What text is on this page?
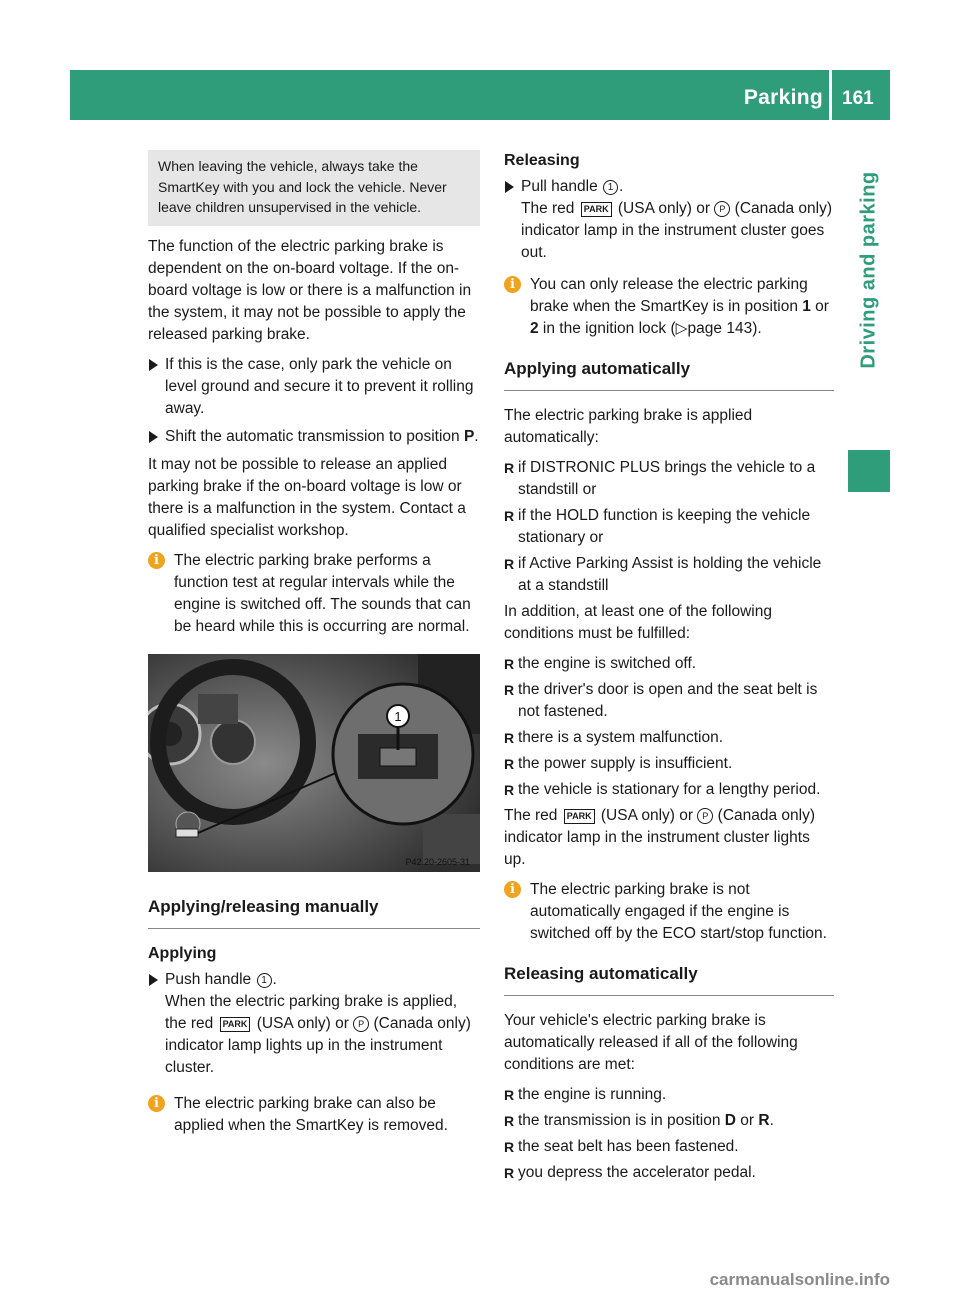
Parking 161
Driving and parking
When leaving the vehicle, always take the SmartKey with you and lock the vehicle. Never leave children unsupervised in the vehicle.

The function of the electric parking brake is dependent on the on-board voltage. If the on-board voltage is low or there is a malfunction in the system, it may not be possible to apply the released parking brake.

If this is the case, only park the vehicle on level ground and secure it to prevent it rolling away.
Shift the automatic transmission to position P.

It may not be possible to release an applied parking brake if the on-board voltage is low or there is a malfunction in the system. Contact a qualified specialist workshop.

i The electric parking brake performs a function test at regular intervals while the engine is switched off. The sounds that can be heard while this is occurring are normal.
1
P42.20-2605-31
Applying/releasing manually
Applying
Push handle 1 .
When the electric parking brake is applied, the red PARK (USA only) or P (Canada only) indicator lamp lights up in the instrument cluster.
i The electric parking brake can also be applied when the SmartKey is removed.
Releasing
Pull handle 1 .
The red PARK (USA only) or P (Canada only) indicator lamp in the instrument cluster goes out.
i You can only release the electric parking brake when the SmartKey is in position 1 or 2 in the ignition lock (▷page 143).
Applying automatically

The electric parking brake is applied automatically:

R if DISTRONIC PLUS brings the vehicle to a standstill or
R if the HOLD function is keeping the vehicle stationary or
R if Active Parking Assist is holding the vehicle at a standstill

In addition, at least one of the following conditions must be fulfilled:

R the engine is switched off.
R the driver's door is open and the seat belt is not fastened.
R there is a system malfunction.
R the power supply is insufficient.
R the vehicle is stationary for a lengthy period.

The red PARK (USA only) or P (Canada only) indicator lamp in the instrument cluster lights up.

i The electric parking brake is not automatically engaged if the engine is switched off by the ECO start/stop function.
Releasing automatically

Your vehicle's electric parking brake is automatically released if all of the following conditions are met:

R the engine is running.
R the transmission is in position D or R.
R the seat belt has been fastened.
R you depress the accelerator pedal.
carmanualsonline.info
